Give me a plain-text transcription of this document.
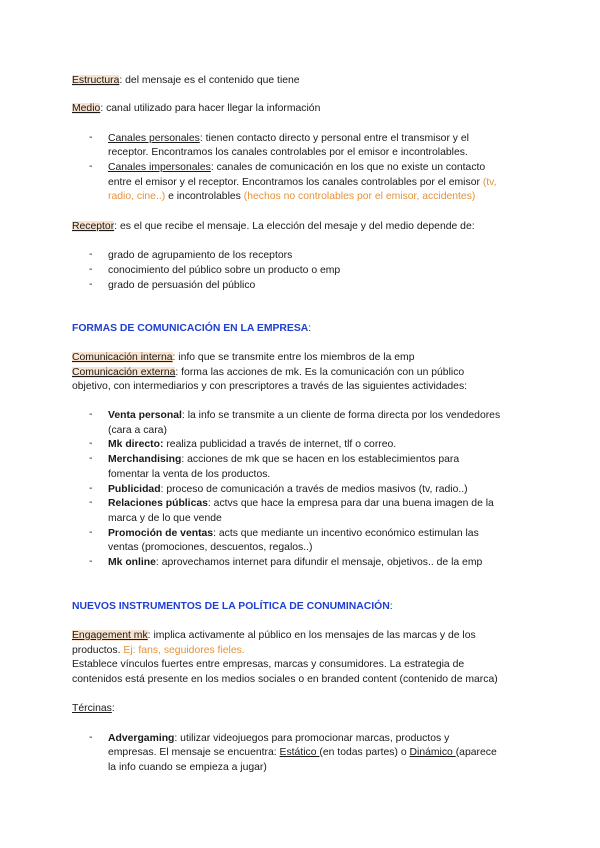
Estructura: del mensaje es el contenido que tiene
Medio: canal utilizado para hacer llegar la información
- Canales personales: tienen contacto directo y personal entre el transmisor y el
receptor. Encontramos los canales controlables por el emisor e incontrolables.
- Canales impersonales: canales de comunicación en los que no existe un contacto
entre el emisor y el receptor. Encontramos los canales controlables por el emisor (tv,
radio, cine..) e incontrolables (hechos no controlables por el emisor, accidentes)
Receptor: es el que recibe el mensaje. La elección del mesaje y del medio depende de:
- grado de agrupamiento de los receptors
- conocimiento del público sobre un producto o emp
- grado de persuasión del público
FORMAS DE COMUNICACIÓN EN LA EMPRESA:
Comunicación interna: info que se transmite entre los miembros de la emp
Comunicación externa: forma las acciones de mk. Es la comunicación con un público
objetivo, con intermediarios y con prescriptores a través de las siguientes actividades:
- Venta personal: la info se transmite a un cliente de forma directa por los vendedores
(cara a cara)
- Mk directo: realiza publicidad a través de internet, tlf o correo.
- Merchandising: acciones de mk que se hacen en los establecimientos para
fomentar la venta de los productos.
- Publicidad: proceso de comunicación a través de medios masivos (tv, radio..)
- Relaciones públicas: actvs que hace la empresa para dar una buena imagen de la
marca y de lo que vende
- Promoción de ventas: acts que mediante un incentivo económico estimulan las
ventas (promociones, descuentos, regalos..)
- Mk online: aprovechamos internet para difundir el mensaje, objetivos.. de la emp
NUEVOS INSTRUMENTOS DE LA POLÍTICA DE CONUMINACIÓN:
Engagement mk: implica activamente al público en los mensajes de las marcas y de los
productos. Ej: fans, seguidores fieles.
Establece vínculos fuertes entre empresas, marcas y consumidores. La estrategia de
contenidos está presente en los medios sociales o en branded content (contenido de marca)
Tércinas:
- Advergaming: utilizar videojuegos para promocionar marcas, productos y
empresas. El mensaje se encuentra: Estático (en todas partes) o Dinámico (aparece
la info cuando se empieza a jugar)
